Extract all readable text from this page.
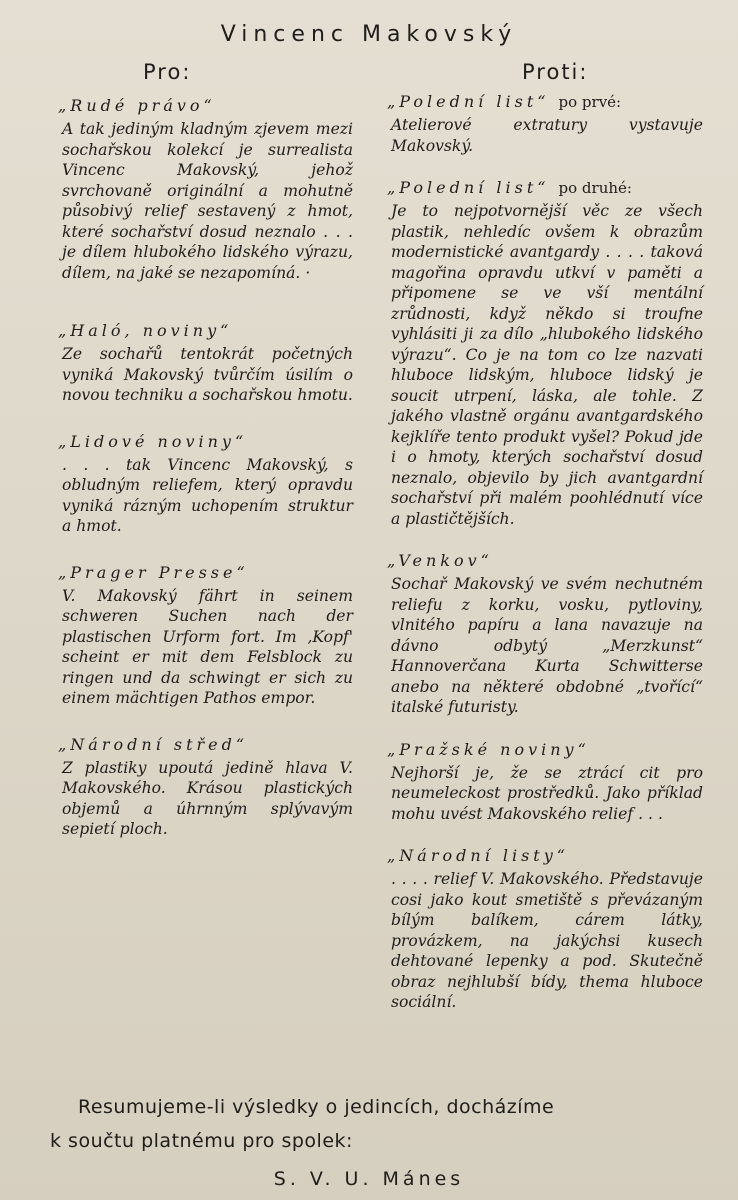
Vincenc Makovský
Pro:	Proti:
„Rudé právo“

A tak jediným kladným zjevem mezi sochařskou kolekcí je surrealista Vincenc Makovský, jehož svrchovaně originální a mohutně působivý relief sestavený z hmot, které sochařství dosud neznalo . . . je dílem hlubokého lidského výrazu, dílem, na jaké se nezapomíná. ·

„Haló, noviny“

Ze sochařů tentokrát početných vyniká Makovský tvůrčím úsilím o novou techniku a sochařskou hmotu.

„Lidové noviny“

. . . tak Vincenc Makovský, s obludným reliefem, který opravdu vyniká rázným uchopením struktur a hmot.

„Prager Presse“

V. Makovský fährt in seinem schweren Suchen nach der plastischen Urform fort. Im ‚Kopf' scheint er mit dem Felsblock zu ringen und da schwingt er sich zu einem mächtigen Pathos empor.

„Národní střed“

Z plastiky upoutá jedině hlava V. Makovského. Krásou plastických objemů a úhrnným splývavým sepietí ploch.

„Polední list“ po prvé:

Atelierové extratury vystavuje Makovský.

„Polední list“ po druhé:

Je to nejpotvornější věc ze všech plastik, nehledíc ovšem k obrazům modernistické avantgardy . . . . taková magořina opravdu utkví v paměti a připomene se ve vší mentální zrůdnosti, když někdo si troufne vyhlásiti ji za dílo „hlubokého lidského výrazu“. Co je na tom co lze nazvati hluboce lidským, hluboce lidský je soucit utrpení, láska, ale tohle. Z jakého vlastně orgánu avantgardského kejklíře tento produkt vyšel? Pokud jde i o hmoty, kterých sochařství dosud neznalo, objevilo by jich avantgardní sochařství při malém poohlédnutí více a plastičtějších.

„Venkov“

Sochař Makovský ve svém nechutném reliefu z korku, vosku, pytloviny, vlnitého papíru a lana navazuje na dávno odbytý „Merzkunst“ Hannoverčana Kurta Schwitterse anebo na některé obdobné „tvořící“ italské futuristy.

„Pražské noviny“

Nejhorší je, že se ztrácí cit pro neumeleckost prostředků. Jako příklad mohu uvést Makovského relief . . .

„Národní listy“

. . . . relief V. Makovského. Představuje cosi jako kout smetiště s převázaným bílým balíkem, cárem látky, provázkem, na jakýchsi kusech dehtované lepenky a pod. Skutečně obraz nejhlubší bídy, thema hluboce sociální.

Resumujeme-li výsledky o jedincích, docházíme
k součtu platnému pro spolek:

S. V. U. Mánes
